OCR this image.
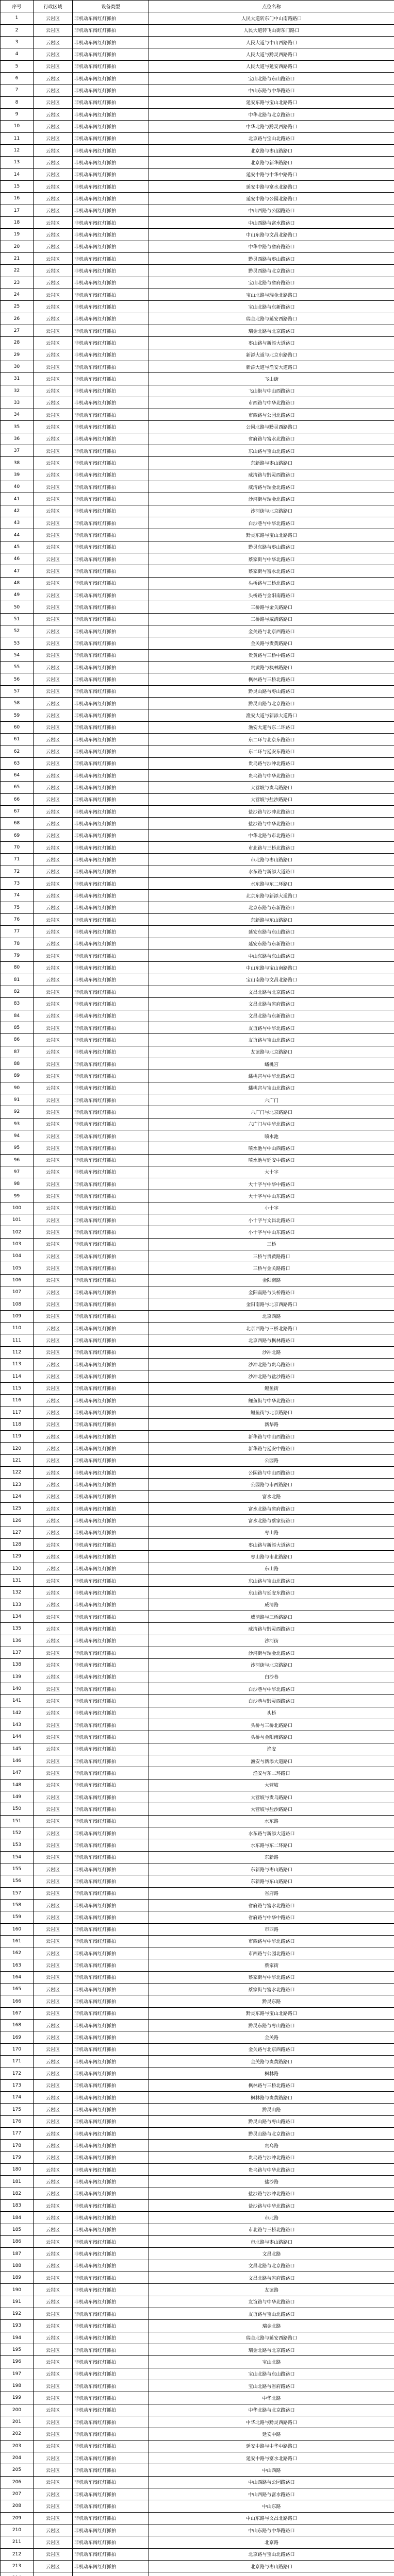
序号	行政区域	设备类型	点位名称
1	云岩区	非机动车闯红灯抓拍	人民大道转东门中山南路路口
2	云岩区	非机动车闯红灯抓拍	人民大道转飞山街东门路口
3	云岩区	非机动车闯红灯抓拍	人民大道与中山西路路口
4	云岩区	非机动车闯红灯抓拍	人民大道与黔灵西路路口
5	云岩区	非机动车闯红灯抓拍	人民大道与延安西路路口
6	云岩区	非机动车闯红灯抓拍	宝山北路与东山路路口
7	云岩区	非机动车闯红灯抓拍	中山东路与中华路路口
8	云岩区	非机动车闯红灯抓拍	延安东路与宝山北路路口
9	云岩区	非机动车闯红灯抓拍	中华北路与北京路路口
10	云岩区	非机动车闯红灯抓拍	中华北路与黔灵西路路口
11	云岩区	非机动车闯红灯抓拍	北京路与宝山北路路口
12	云岩区	非机动车闯红灯抓拍	北京路与枣山路路口
13	云岩区	非机动车闯红灯抓拍	北京路与新华路路口
14	云岩区	非机动车闯红灯抓拍	延安中路与中华中路路口
15	云岩区	非机动车闯红灯抓拍	延安中路与富水北路路口
16	云岩区	非机动车闯红灯抓拍	延安中路与公园北路路口
17	云岩区	非机动车闯红灯抓拍	中山西路与公园路路口
18	云岩区	非机动车闯红灯抓拍	中山西路与富水路路口
19	云岩区	非机动车闯红灯抓拍	中山东路与文昌北路路口
20	云岩区	非机动车闯红灯抓拍	中华中路与省府路路口
21	云岩区	非机动车闯红灯抓拍	黔灵西路与枣山路路口
22	云岩区	非机动车闯红灯抓拍	黔灵西路与北京路路口
23	云岩区	非机动车闯红灯抓拍	宝山北路与省府路路口
24	云岩区	非机动车闯红灯抓拍	宝山北路与瑞金北路路口
25	云岩区	非机动车闯红灯抓拍	宝山北路与东新路路口
26	云岩区	非机动车闯红灯抓拍	瑞金北路与延安西路路口
27	云岩区	非机动车闯红灯抓拍	瑞金北路与北京路路口
28	云岩区	非机动车闯红灯抓拍	枣山路与新添大道路口
29	云岩区	非机动车闯红灯抓拍	新添大道与北京东路路口
30	云岩区	非机动车闯红灯抓拍	新添大道与渔安大道路口
31	云岩区	非机动车闯红灯抓拍	飞山街
32	云岩区	非机动车闯红灯抓拍	飞山街与中山西路路口
33	云岩区	非机动车闯红灯抓拍	市西路与中华北路路口
34	云岩区	非机动车闯红灯抓拍	市西路与公园北路路口
35	云岩区	非机动车闯红灯抓拍	公园北路与黔灵西路路口
36	云岩区	非机动车闯红灯抓拍	省府路与富水北路路口
37	云岩区	非机动车闯红灯抓拍	东山路与宝山北路路口
38	云岩区	非机动车闯红灯抓拍	东新路与枣山路路口
39	云岩区	非机动车闯红灯抓拍	威清路与黔灵西路路口
40	云岩区	非机动车闯红灯抓拍	威清路与瑞金北路路口
41	云岩区	非机动车闯红灯抓拍	沙河街与瑞金北路路口
42	云岩区	非机动车闯红灯抓拍	沙河街与北京路路口
43	云岩区	非机动车闯红灯抓拍	白沙巷与中华北路路口
44	云岩区	非机动车闯红灯抓拍	黔灵东路与宝山北路路口
45	云岩区	非机动车闯红灯抓拍	黔灵东路与枣山路路口
46	云岩区	非机动车闯红灯抓拍	蔡家街与中华北路路口
47	云岩区	非机动车闯红灯抓拍	蔡家街与富水北路路口
48	云岩区	非机动车闯红灯抓拍	头桥路与三桥北路路口
49	云岩区	非机动车闯红灯抓拍	头桥路与金阳南路路口
50	云岩区	非机动车闯红灯抓拍	三桥路与金关路路口
51	云岩区	非机动车闯红灯抓拍	三桥路与威清路路口
52	云岩区	非机动车闯红灯抓拍	金关路与北京西路路口
53	云岩区	非机动车闯红灯抓拍	金关路与贵黄路路口
54	云岩区	非机动车闯红灯抓拍	贵黄路与三桥中路路口
55	云岩区	非机动车闯红灯抓拍	贵黄路与枫林路路口
56	云岩区	非机动车闯红灯抓拍	枫林路与三桥北路路口
57	云岩区	非机动车闯红灯抓拍	黔灵山路与枣山路路口
58	云岩区	非机动车闯红灯抓拍	黔灵山路与北京路路口
59	云岩区	非机动车闯红灯抓拍	渔安大道与新添大道路口
60	云岩区	非机动车闯红灯抓拍	渔安大道与东二环路口
61	云岩区	非机动车闯红灯抓拍	东二环与北京东路路口
62	云岩区	非机动车闯红灯抓拍	东二环与延安东路路口
63	云岩区	非机动车闯红灯抓拍	贵乌路与沙冲北路路口
64	云岩区	非机动车闯红灯抓拍	贵乌路与中华北路路口
65	云岩区	非机动车闯红灯抓拍	大营坡与贵乌路路口
66	云岩区	非机动车闯红灯抓拍	大营坡与盐沙路路口
67	云岩区	非机动车闯红灯抓拍	盐沙路与沙冲北路路口
68	云岩区	非机动车闯红灯抓拍	盐沙路与中华北路路口
69	云岩区	非机动车闯红灯抓拍	中华北路与市北路路口
70	云岩区	非机动车闯红灯抓拍	市北路与三桥北路路口
71	云岩区	非机动车闯红灯抓拍	市北路与枣山路路口
72	云岩区	非机动车闯红灯抓拍	水东路与新添大道路口
73	云岩区	非机动车闯红灯抓拍	水东路与东二环路口
74	云岩区	非机动车闯红灯抓拍	北京东路与新添大道路口
75	云岩区	非机动车闯红灯抓拍	北京东路与东新路路口
76	云岩区	非机动车闯红灯抓拍	东新路与东山路路口
77	云岩区	非机动车闯红灯抓拍	延安东路与东山路路口
78	云岩区	非机动车闯红灯抓拍	延安东路与东新路路口
79	云岩区	非机动车闯红灯抓拍	中山东路与东山路路口
80	云岩区	非机动车闯红灯抓拍	中山东路与宝山南路路口
81	云岩区	非机动车闯红灯抓拍	宝山南路与文昌北路路口
82	云岩区	非机动车闯红灯抓拍	文昌北路与北京路路口
83	云岩区	非机动车闯红灯抓拍	文昌北路与省府路路口
84	云岩区	非机动车闯红灯抓拍	文昌北路与东新路路口
85	云岩区	非机动车闯红灯抓拍	友谊路与中华北路路口
86	云岩区	非机动车闯红灯抓拍	友谊路与宝山北路路口
87	云岩区	非机动车闯红灯抓拍	友谊路与北京路路口
88	云岩区	非机动车闯红灯抓拍	蟠桃宫
89	云岩区	非机动车闯红灯抓拍	蟠桃宫与中华北路路口
90	云岩区	非机动车闯红灯抓拍	蟠桃宫与宝山北路路口
91	云岩区	非机动车闯红灯抓拍	六广门
92	云岩区	非机动车闯红灯抓拍	六广门与北京路路口
93	云岩区	非机动车闯红灯抓拍	六广门与中华北路路口
94	云岩区	非机动车闯红灯抓拍	喷水池
95	云岩区	非机动车闯红灯抓拍	喷水池与中山西路路口
96	云岩区	非机动车闯红灯抓拍	喷水池与延安中路路口
97	云岩区	非机动车闯红灯抓拍	大十字
98	云岩区	非机动车闯红灯抓拍	大十字与中华中路路口
99	云岩区	非机动车闯红灯抓拍	大十字与中山东路路口
100	云岩区	非机动车闯红灯抓拍	小十字
101	云岩区	非机动车闯红灯抓拍	小十字与文昌北路路口
102	云岩区	非机动车闯红灯抓拍	小十字与中山东路路口
103	云岩区	非机动车闯红灯抓拍	三桥
104	云岩区	非机动车闯红灯抓拍	三桥与贵黄路路口
105	云岩区	非机动车闯红灯抓拍	三桥与金关路路口
106	云岩区	非机动车闯红灯抓拍	金阳南路
107	云岩区	非机动车闯红灯抓拍	金阳南路与头桥路路口
108	云岩区	非机动车闯红灯抓拍	金阳南路与北京西路路口
109	云岩区	非机动车闯红灯抓拍	北京西路
110	云岩区	非机动车闯红灯抓拍	北京西路与三桥北路路口
111	云岩区	非机动车闯红灯抓拍	北京西路与枫林路路口
112	云岩区	非机动车闯红灯抓拍	沙冲北路
113	云岩区	非机动车闯红灯抓拍	沙冲北路与贵乌路路口
114	云岩区	非机动车闯红灯抓拍	沙冲北路与盐沙路路口
115	云岩区	非机动车闯红灯抓拍	鲤鱼街
116	云岩区	非机动车闯红灯抓拍	鲤鱼街与中华北路路口
117	云岩区	非机动车闯红灯抓拍	鲤鱼街与北京路路口
118	云岩区	非机动车闯红灯抓拍	新华路
119	云岩区	非机动车闯红灯抓拍	新华路与中山西路路口
120	云岩区	非机动车闯红灯抓拍	新华路与延安中路路口
121	云岩区	非机动车闯红灯抓拍	公园路
122	云岩区	非机动车闯红灯抓拍	公园路与中山西路路口
123	云岩区	非机动车闯红灯抓拍	公园路与市西路路口
124	云岩区	非机动车闯红灯抓拍	富水北路
125	云岩区	非机动车闯红灯抓拍	富水北路与省府路路口
126	云岩区	非机动车闯红灯抓拍	富水北路与蔡家街路口
127	云岩区	非机动车闯红灯抓拍	枣山路
128	云岩区	非机动车闯红灯抓拍	枣山路与新添大道路口
129	云岩区	非机动车闯红灯抓拍	枣山路与市北路路口
130	云岩区	非机动车闯红灯抓拍	东山路
131	云岩区	非机动车闯红灯抓拍	东山路与宝山北路路口
132	云岩区	非机动车闯红灯抓拍	东山路与延安东路路口
133	云岩区	非机动车闯红灯抓拍	威清路
134	云岩区	非机动车闯红灯抓拍	威清路与三桥路路口
135	云岩区	非机动车闯红灯抓拍	威清路与黔灵西路路口
136	云岩区	非机动车闯红灯抓拍	沙河街
137	云岩区	非机动车闯红灯抓拍	沙河街与瑞金北路路口
138	云岩区	非机动车闯红灯抓拍	沙河街与北京路路口
139	云岩区	非机动车闯红灯抓拍	白沙巷
140	云岩区	非机动车闯红灯抓拍	白沙巷与中华北路路口
141	云岩区	非机动车闯红灯抓拍	白沙巷与黔灵西路路口
142	云岩区	非机动车闯红灯抓拍	头桥
143	云岩区	非机动车闯红灯抓拍	头桥与三桥北路路口
144	云岩区	非机动车闯红灯抓拍	头桥与金阳南路路口
145	云岩区	非机动车闯红灯抓拍	渔安
146	云岩区	非机动车闯红灯抓拍	渔安与新添大道路口
147	云岩区	非机动车闯红灯抓拍	渔安与东二环路口
148	云岩区	非机动车闯红灯抓拍	大营坡
149	云岩区	非机动车闯红灯抓拍	大营坡与贵乌路路口
150	云岩区	非机动车闯红灯抓拍	大营坡与盐沙路路口
151	云岩区	非机动车闯红灯抓拍	水东路
152	云岩区	非机动车闯红灯抓拍	水东路与新添大道路口
153	云岩区	非机动车闯红灯抓拍	水东路与东二环路口
154	云岩区	非机动车闯红灯抓拍	东新路
155	云岩区	非机动车闯红灯抓拍	东新路与枣山路路口
156	云岩区	非机动车闯红灯抓拍	东新路与东山路路口
157	云岩区	非机动车闯红灯抓拍	省府路
158	云岩区	非机动车闯红灯抓拍	省府路与富水北路路口
159	云岩区	非机动车闯红灯抓拍	省府路与中华中路路口
160	云岩区	非机动车闯红灯抓拍	市西路
161	云岩区	非机动车闯红灯抓拍	市西路与中华北路路口
162	云岩区	非机动车闯红灯抓拍	市西路与公园北路路口
163	云岩区	非机动车闯红灯抓拍	蔡家街
164	云岩区	非机动车闯红灯抓拍	蔡家街与中华北路路口
165	云岩区	非机动车闯红灯抓拍	蔡家街与富水北路路口
166	云岩区	非机动车闯红灯抓拍	黔灵东路
167	云岩区	非机动车闯红灯抓拍	黔灵东路与宝山北路路口
168	云岩区	非机动车闯红灯抓拍	黔灵东路与枣山路路口
169	云岩区	非机动车闯红灯抓拍	金关路
170	云岩区	非机动车闯红灯抓拍	金关路与北京西路路口
171	云岩区	非机动车闯红灯抓拍	金关路与贵黄路路口
172	云岩区	非机动车闯红灯抓拍	枫林路
173	云岩区	非机动车闯红灯抓拍	枫林路与三桥北路路口
174	云岩区	非机动车闯红灯抓拍	枫林路与贵黄路路口
175	云岩区	非机动车闯红灯抓拍	黔灵山路
176	云岩区	非机动车闯红灯抓拍	黔灵山路与枣山路路口
177	云岩区	非机动车闯红灯抓拍	黔灵山路与北京路路口
178	云岩区	非机动车闯红灯抓拍	贵乌路
179	云岩区	非机动车闯红灯抓拍	贵乌路与沙冲北路路口
180	云岩区	非机动车闯红灯抓拍	贵乌路与中华北路路口
181	云岩区	非机动车闯红灯抓拍	盐沙路
182	云岩区	非机动车闯红灯抓拍	盐沙路与沙冲北路路口
183	云岩区	非机动车闯红灯抓拍	盐沙路与中华北路路口
184	云岩区	非机动车闯红灯抓拍	市北路
185	云岩区	非机动车闯红灯抓拍	市北路与三桥北路路口
186	云岩区	非机动车闯红灯抓拍	市北路与枣山路路口
187	云岩区	非机动车闯红灯抓拍	文昌北路
188	云岩区	非机动车闯红灯抓拍	文昌北路与北京路路口
189	云岩区	非机动车闯红灯抓拍	文昌北路与省府路路口
190	云岩区	非机动车闯红灯抓拍	友谊路
191	云岩区	非机动车闯红灯抓拍	友谊路与中华北路路口
192	云岩区	非机动车闯红灯抓拍	友谊路与宝山北路路口
193	云岩区	非机动车闯红灯抓拍	瑞金北路
194	云岩区	非机动车闯红灯抓拍	瑞金北路与延安西路路口
195	云岩区	非机动车闯红灯抓拍	瑞金北路与北京路路口
196	云岩区	非机动车闯红灯抓拍	宝山北路
197	云岩区	非机动车闯红灯抓拍	宝山北路与东山路路口
198	云岩区	非机动车闯红灯抓拍	宝山北路与省府路路口
199	云岩区	非机动车闯红灯抓拍	中华北路
200	云岩区	非机动车闯红灯抓拍	中华北路与北京路路口
201	云岩区	非机动车闯红灯抓拍	中华北路与黔灵西路路口
202	云岩区	非机动车闯红灯抓拍	延安中路
203	云岩区	非机动车闯红灯抓拍	延安中路与中华中路路口
204	云岩区	非机动车闯红灯抓拍	延安中路与富水北路路口
205	云岩区	非机动车闯红灯抓拍	中山西路
206	云岩区	非机动车闯红灯抓拍	中山西路与公园路路口
207	云岩区	非机动车闯红灯抓拍	中山西路与富水路路口
208	云岩区	非机动车闯红灯抓拍	中山东路
209	云岩区	非机动车闯红灯抓拍	中山东路与文昌北路路口
210	云岩区	非机动车闯红灯抓拍	中山东路与中华路路口
211	云岩区	非机动车闯红灯抓拍	北京路
212	云岩区	非机动车闯红灯抓拍	北京路与宝山北路路口
213	云岩区	非机动车闯红灯抓拍	北京路与枣山路路口
